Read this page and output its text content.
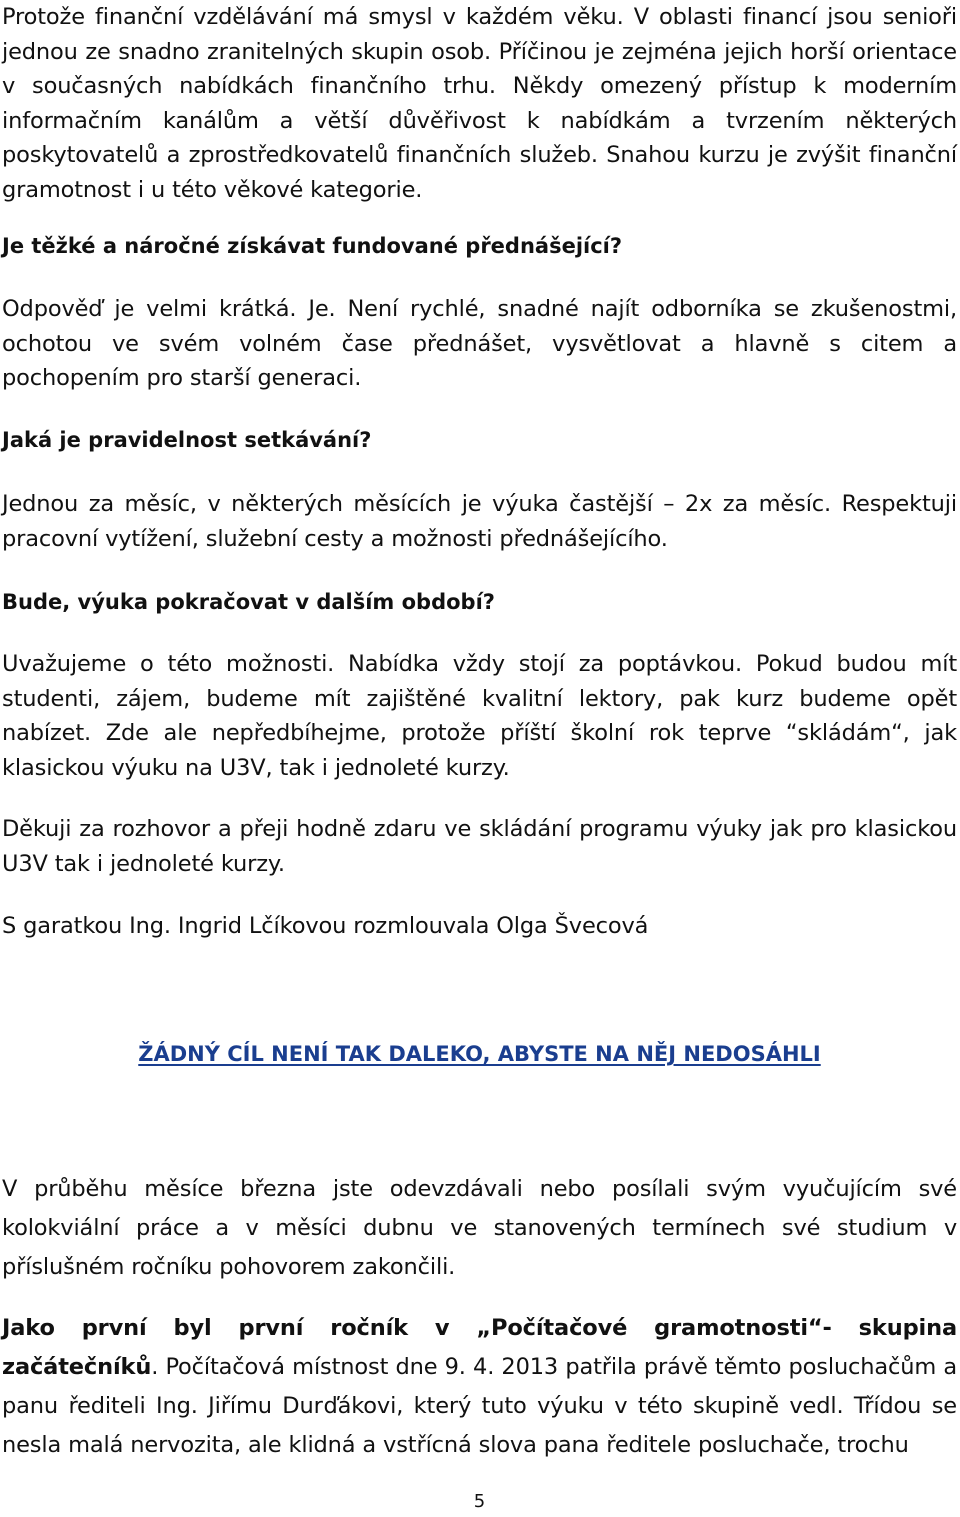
Protože finanční vzdělávání má smysl v každém věku. V oblasti financí jsou senioři jednou ze snadno zranitelných skupin osob. Příčinou je zejména jejich horší orientace v současných nabídkách finančního trhu. Někdy omezený přístup k moderním informačním kanálům a větší důvěřivost k nabídkám a tvrzením některých poskytovatelů a zprostředkovatelů finančních služeb. Snahou kurzu je zvýšit finanční gramotnost i u této věkové kategorie.

Je těžké a náročné získávat fundované přednášející?

Odpověď je velmi krátká. Je. Není rychlé, snadné najít odborníka se zkušenostmi, ochotou ve svém volném čase přednášet, vysvětlovat a hlavně s citem a pochopením pro starší generaci.

Jaká je pravidelnost setkávání?

Jednou za měsíc, v některých měsících je výuka častější – 2x za měsíc. Respektuji pracovní vytížení, služební cesty a možnosti přednášejícího.

Bude, výuka pokračovat v dalším období?

Uvažujeme o této možnosti. Nabídka vždy stojí za poptávkou. Pokud budou mít studenti, zájem, budeme mít zajištěné kvalitní lektory, pak kurz budeme opět nabízet. Zde ale nepředbíhejme, protože příští školní rok teprve “skládám“, jak klasickou výuku na U3V, tak i jednoleté kurzy.

Děkuji za rozhovor a přeji hodně zdaru ve skládání programu výuky jak pro klasickou U3V tak i jednoleté kurzy.

S garatkou Ing. Ingrid Lčíkovou rozmlouvala Olga Švecová

ŽÁDNÝ CÍL NENÍ TAK DALEKO, ABYSTE NA NĚJ NEDOSÁHLI

V průběhu měsíce března jste odevzdávali nebo posílali svým vyučujícím své kolokviální práce a v měsíci dubnu ve stanovených termínech své studium v příslušném ročníku pohovorem zakončili.

Jako první byl první ročník v „Počítačové gramotnosti“- skupina začátečníků. Počítačová místnost dne 9. 4. 2013 patřila právě těmto posluchačům a panu řediteli Ing. Jiřímu Durďákovi, který tuto výuku v této skupině vedl. Třídou se nesla malá nervozita, ale klidná a vstřícná slova pana ředitele posluchače, trochu

5
